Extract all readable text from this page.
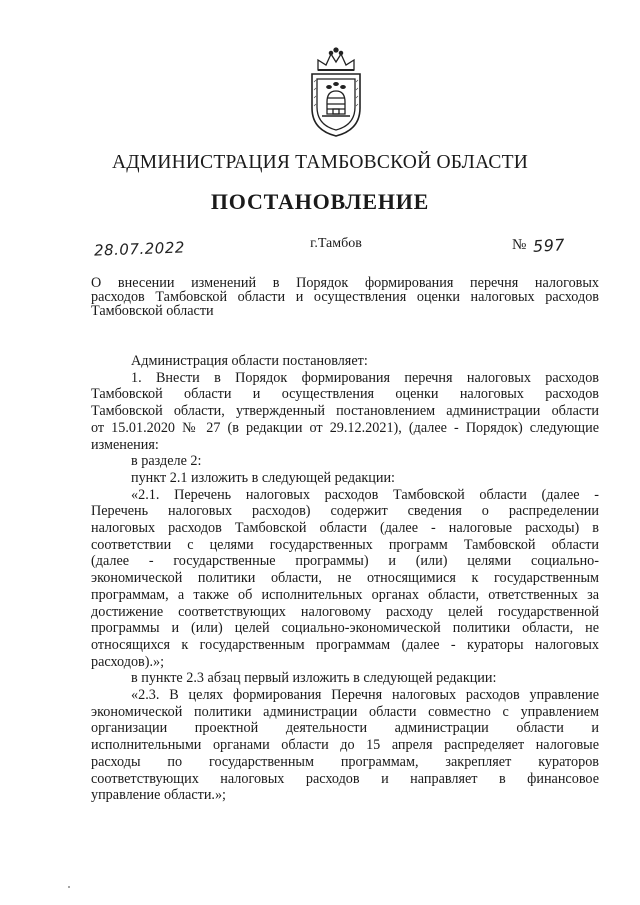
АДМИНИСТРАЦИЯ ТАМБОВСКОЙ ОБЛАСТИ
ПОСТАНОВЛЕНИЕ
28.07.2022	г.Тамбов	№ 597
О внесении изменений в Порядок формирования перечня налоговых
расходов Тамбовской области и осуществления оценки налоговых расходов
Тамбовской области
Администрация области постановляет:
1. Внести в Порядок формирования перечня налоговых расходов
Тамбовской области и осуществления оценки налоговых расходов
Тамбовской области, утвержденный постановлением администрации области
от 15.01.2020 № 27 (в редакции от 29.12.2021), (далее - Порядок) следующие
изменения:
в разделе 2:
пункт 2.1 изложить в следующей редакции:
«2.1. Перечень налоговых расходов Тамбовской области (далее -
Перечень налоговых расходов) содержит сведения о распределении
налоговых расходов Тамбовской области (далее - налоговые расходы) в
соответствии с целями государственных программ Тамбовской области
(далее - государственные программы) и (или) целями социально-
экономической политики области, не относящимися к государственным
программам, а также об исполнительных органах области, ответственных за
достижение соответствующих налоговому расходу целей государственной
программы и (или) целей социально-экономической политики области, не
относящихся к государственным программам (далее - кураторы налоговых
расходов).»;
в пункте 2.3 абзац первый изложить в следующей редакции:
«2.3. В целях формирования Перечня налоговых расходов управление
экономической политики администрации области совместно с управлением
организации проектной деятельности администрации области и
исполнительными органами области до 15 апреля распределяет налоговые
расходы по государственным программам, закрепляет кураторов
соответствующих налоговых расходов и направляет в финансовое
управление области.»;
